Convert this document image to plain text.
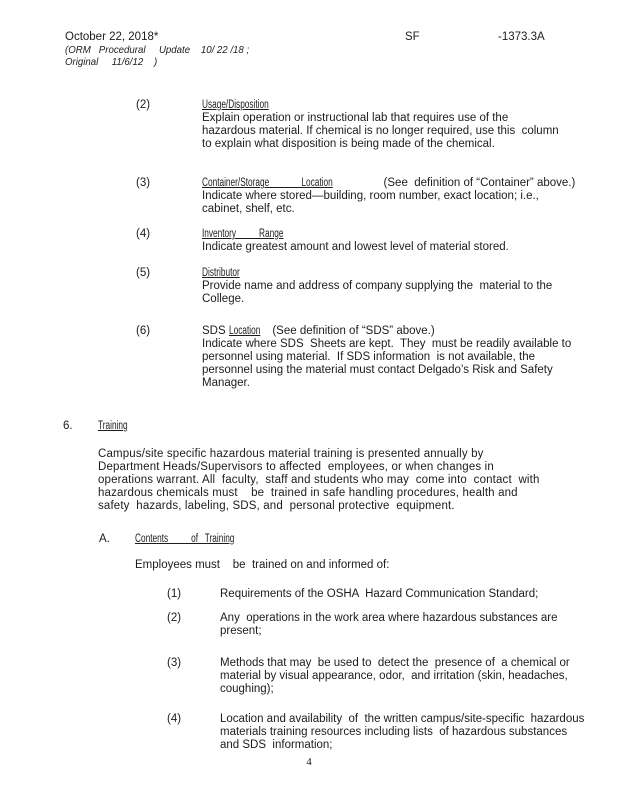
October 22, 2018*
(ORM   Procedural     Update    10/ 22 /18 ;
Original     11/6/12    )
SF	-1373.3A
(2)	Usage/Disposition
Explain operation or instructional lab that requires use of the
hazardous material. If chemical is no longer required, use this  column
to explain what disposition is being made of the chemical.
(3)	Container/Storage              Location	(See  definition of “Container” above.)
Indicate where stored—building, room number, exact location; i.e.,
cabinet, shelf, etc.
(4)	Inventory          Range
Indicate greatest amount and lowest level of material stored.
(5)	Distributor
Provide name and address of company supplying the  material to the
College.
(6)	SDS Location (See definition of “SDS” above.)
Indicate where SDS  Sheets are kept.  They  must be readily available to
personnel using material.  If SDS information  is not available, the
personnel using the material must contact Delgado’s Risk and Safety
Manager.
6. Training
Campus/site specific hazardous material training is presented annually by
Department Heads/Supervisors to affected  employees, or when changes in
operations warrant. All  faculty,  staff and students who may  come into  contact  with
hazardous chemicals must    be  trained in safe handling procedures, health and
safety  hazards, labeling, SDS, and  personal protective  equipment.
A. Contents          of   Training
Employees must    be  trained on and informed of:
(1)	Requirements of the OSHA  Hazard Communication Standard;
(2)	Any  operations in the work area where hazardous substances are
present;
(3)	Methods that may  be used to  detect the  presence of  a chemical or
material by visual appearance, odor,  and irritation (skin, headaches,
coughing);
(4)	Location and availability  of  the written campus/site-specific  hazardous
materials training resources including lists  of hazardous substances
and SDS  information;
4
